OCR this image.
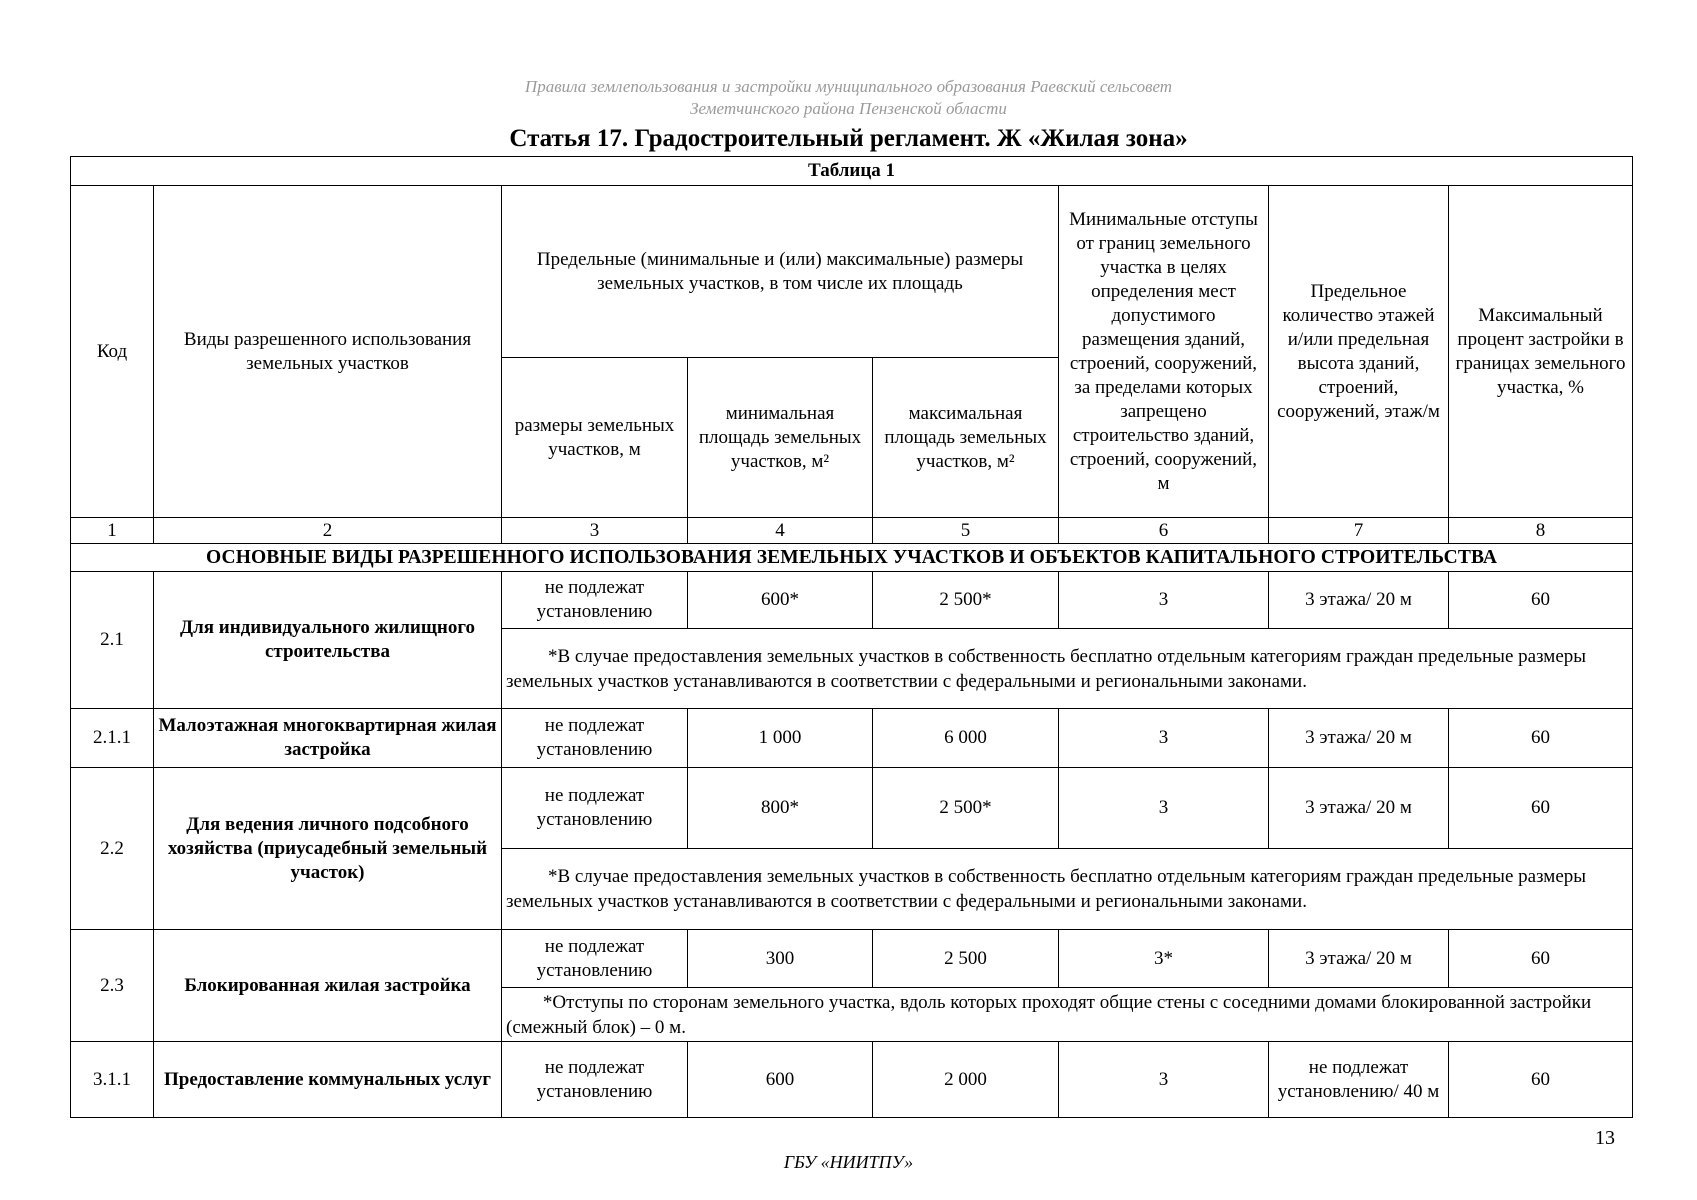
Правила землепользования и застройки муниципального образования Раевский сельсовет
Земетчинского района Пензенской области
Статья 17. Градостроительный регламент. Ж «Жилая зона»
Таблица 1							
Код	Виды разрешенного использования земельных участков	Предельные (минимальные и (или) максимальные) размеры земельных участков, в том числе их площадь			Минимальные отступы от границ земельного участка в целях определения мест допустимого размещения зданий, строений, сооружений, за пределами которых запрещено строительство зданий, строений, сооружений, м	Предельное количество этажей и/или предельная высота зданий, строений, сооружений, этаж/м	Максимальный процент застройки в границах земельного участка, %
		размеры земельных участков, м	минимальная площадь земельных участков, м²	максимальная площадь земельных участков, м²			
1	2	3	4	5	6	7	8
ОСНОВНЫЕ ВИДЫ РАЗРЕШЕННОГО ИСПОЛЬЗОВАНИЯ ЗЕМЕЛЬНЫХ УЧАСТКОВ И ОБЪЕКТОВ КАПИТАЛЬНОГО СТРОИТЕЛЬСТВА							
2.1	Для индивидуального жилищного строительства	не подлежат установлению	600*	2 500*	3	3 этажа/ 20 м	60
		*В случае предоставления земельных участков в собственность бесплатно отдельным категориям граждан предельные размеры земельных участков устанавливаются в соответствии с федеральными и региональными законами.					
2.1.1	Малоэтажная многоквартирная жилая застройка	не подлежат установлению	1 000	6 000	3	3 этажа/ 20 м	60
2.2	Для ведения личного подсобного хозяйства (приусадебный земельный участок)	не подлежат установлению	800*	2 500*	3	3 этажа/ 20 м	60
		*В случае предоставления земельных участков в собственность бесплатно отдельным категориям граждан предельные размеры земельных участков устанавливаются в соответствии с федеральными и региональными законами.					
2.3	Блокированная жилая застройка	не подлежат установлению	300	2 500	3*	3 этажа/ 20 м	60
		*Отступы по сторонам земельного участка, вдоль которых проходят общие стены с соседними домами блокированной застройки (смежный блок) – 0 м.					
3.1.1	Предоставление коммунальных услуг	не подлежат установлению	600	2 000	3	не подлежат установлению/ 40 м	60
13
ГБУ «НИИТПУ»
